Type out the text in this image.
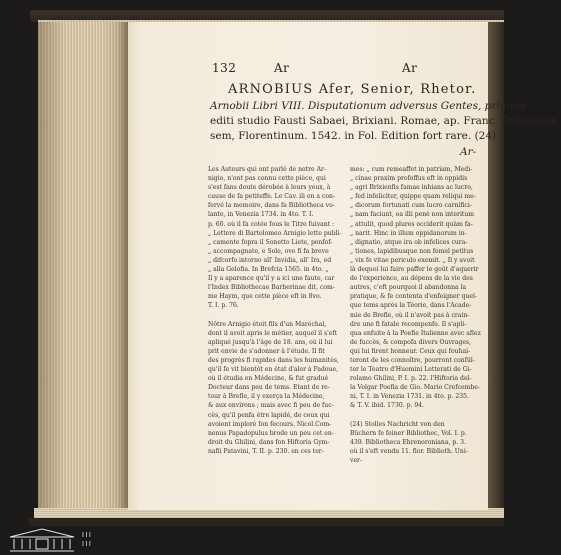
132	Ar	Ar
ARNOBIUS Afer, Senior, Rhetor.
Arnobii Libri VIII. Disputationum adversus Gentes, primùm
editi studio Fausti Sabaei, Brixiani. Romae, ap. Franc. Priscianen.
sem, Florentinum. 1542. in Fol. Edition fort rare. (24)
Ar-

Les Auteurs qui ont parlé de notre Ar-

nigio, n'ont pas connu cette pièce, qui

s'est fans doute dérobée à leurs yeux, à

cause de fa petiteffe. Le Cav. ili en a con-

fervé la memoire, dans fa Bibliotheca vo-

lante, in Venezia 1734. in 4to. T. I.

p. 60. où il fa cotée fous le Titre fuivant :

„ Lettere di Bartolomeo Arnigio lette publi-

„ camente fopra il Sonetto Liete, penfof-

„ accompagnate, e Sole, ove fi fa breve

„ difcorfo intorno all' Invidia, all' Ira, ed

„ alla Gelofia. In Brefcia 1565. in 4to. „

Il y a aparence qu'il y a ici une faute, car

l'Index Bibliothecae Barberinae dit, com-

me Haym, que cette pièce eft in 8vo.

T. I. p. 76.

Nôtre Arnigio étoit fils d'un Maréchal,

dont il avoit apris le métier, auquel il s'eft

apliqué jusqu'à l'âge de 18. ans, où il lui

prit envie de s'adonner à l'étude. Il fit

des progrès fi rapides dans les humanités,

qu'il fe vit bientôt en état d'aler à Padoue,

où il étudia en Médecine, & fut gradué

Docteur dans peu de tems. Etant de re-

tour à Brefle, il y exerça la Médecine,

& aux environs ; mais avec fi peu de fuc-

cès, qu'il penfa être lapidé, de ceux qui

avoient imploré fon fecours. Nicol.Com-

nenus Papadopulus brode un peu cet en-

droit du Ghilini, dans fon Hiftoria Gym-

nafii Patavini, T. II. p. 230. en ces ter-

mes: „ cum remeaffet in patriam, Medi-

„ cinae praxim profeffus eft in oppidis

„ agri Brixienfis famae inhians ac lucro,

„ fed infeliciter, quippe quam reliqui me-

„ dicorum fortunati cum lucro carnifici-

„ nam faciunt, ea illi penè non interitum

„ attulit, quod plures occiderit quàm fa-

„ narit. Hinc in illum oppidanorum in-

„ dignatio, atque ira ob infelices cura-

„ tiones, lapidibusque non femel petitus

„ vix fe vitae periculo exemit. „ Il y avoit

là dequoi lui faire paffer le goût d'aquerir

de l'experience, au dépens de la vie des

autres, c'eft pourquoi il abandonna la

pratique, & fe contenta d'enfeigner quel-

que tems après la Téorie, dans l'Acade-

mie de Brefle, où il n'avoit pas à crain-

dre une fi fatale recompenfe. Il s'apli-

qua enfuite à la Poefie Italienne avec aflez

de fuccès, & compofa divers Ouvrages,

qui lui firent honneur. Ceux qui fouhai-

teront de les connoître, pourront confül-

ter le Teatro d'Huomini Letterati de Gi-

rolamo Ghilini, P. I. p. 22. l'Hiftoria del-

la Volgar Poefia de Gio. Mario Crefcembe-

ni, T. I. in Venezia 1731. in 4to. p. 235.

& T. V. ibid. 1730. p. 94.

(24) Stolles Nachricht von den

Büchern fe feiner Bibliothec, Vol. I. p.

439. Bibliotheca Ehrenoroniana, p. 3.

où il s'eft vendu 11. flor. Biblioth. Uni-

ver-

III
III
